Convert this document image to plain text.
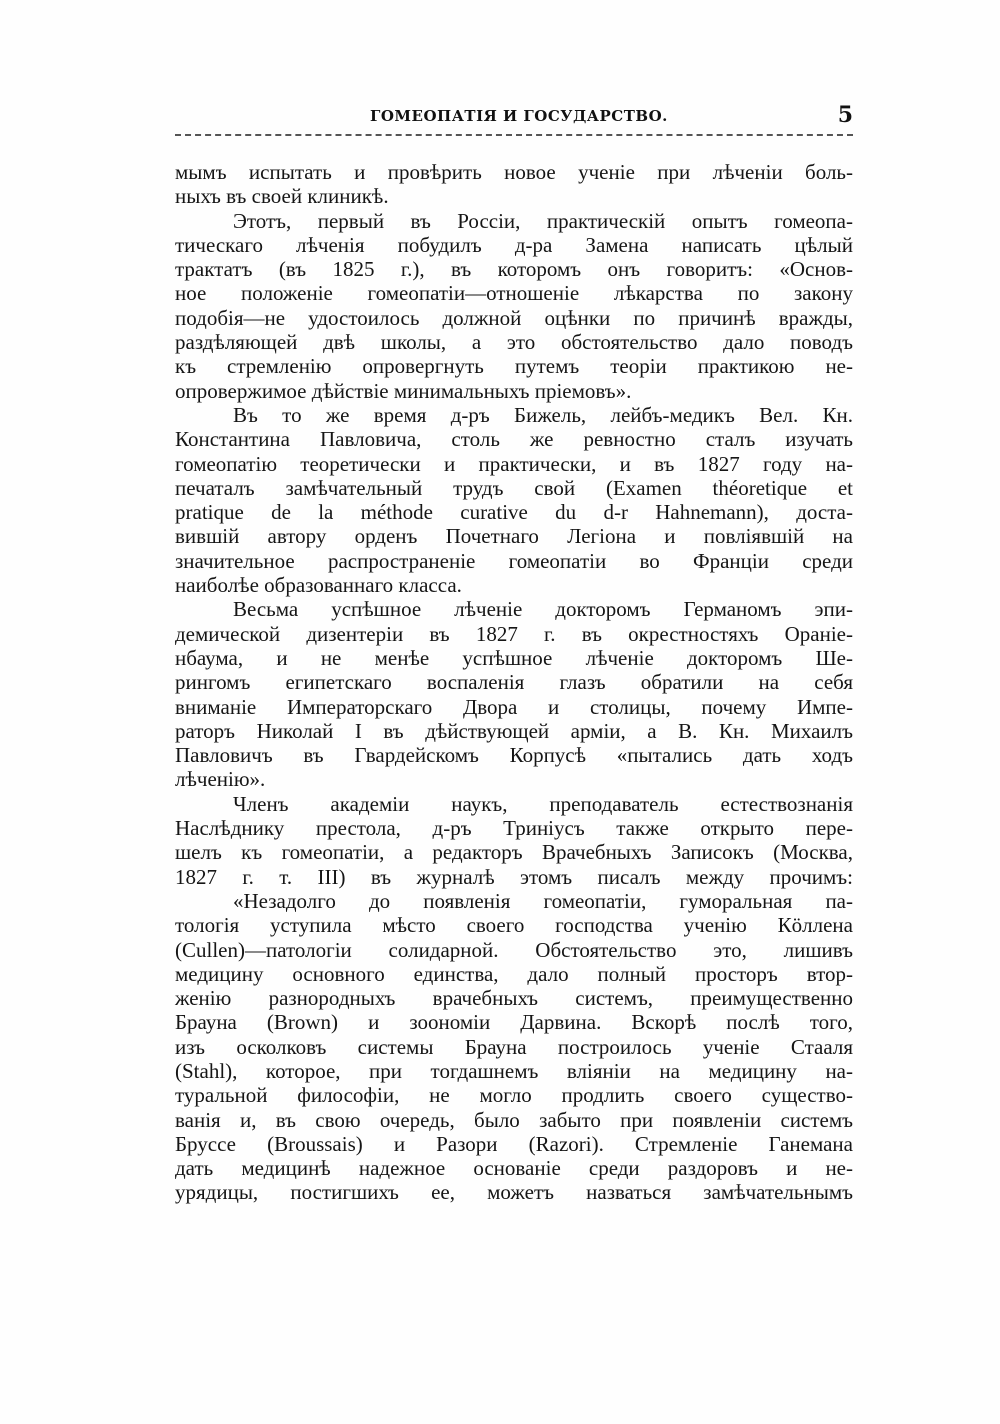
ГОМЕОПАТІЯ И ГОСУДАРСТВО.	5
мымъ испытать и провѣрить новое ученіе при лѣченіи боль-
ныхъ въ своей клиникѣ.
Этотъ, первый въ Россіи, практическій опытъ гомеопа-
тическаго лѣченія побудилъ д-ра Замена написать цѣлый
трактатъ (въ 1825 г.), въ которомъ онъ говоритъ: «Основ-
ное положеніе гомеопатіи—отношеніе лѣкарства по закону
подобія—не удостоилось должной оцѣнки по причинѣ вражды,
раздѣляющей двѣ школы, а это обстоятельство дало поводъ
къ стремленію опровергнуть путемъ теоріи практикою не-
опровержимое дѣйствіе минимальныхъ пріемовъ».
Въ то же время д-ръ Бижель, лейбъ-медикъ Вел. Кн.
Константина Павловича, столь же ревностно сталъ изучать
гомеопатію теоретически и практически, и въ 1827 году на-
печаталъ замѣчательный трудъ свой (Examen théoretique et
pratique de la méthode curative du d-r Hahnemann), доста-
вившій автору орденъ Почетнаго Легіона и повліявшій на
значительное распространеніе гомеопатіи во Франціи среди
наиболѣе образованнаго класса.
Весьма успѣшное лѣченіе докторомъ Германомъ эпи-
демической дизентеріи въ 1827 г. въ окрестностяхъ Ораніе-
нбаума, и не менѣе успѣшное лѣченіе докторомъ Ше-
рингомъ египетскаго воспаленія глазъ обратили на себя
вниманіе Императорскаго Двора и столицы, почему Импе-
раторъ Николай I въ дѣйствующей арміи, а В. Кн. Михаилъ
Павловичъ въ Гвардейскомъ Корпусѣ «пытались дать ходъ
лѣченію».
Членъ академіи наукъ, преподаватель естествознанія
Наслѣднику престола, д-ръ Триніусъ также открыто пере-
шелъ къ гомеопатіи, а редакторъ Врачебныхъ Записокъ (Москва,
1827 г. т. III) въ журналѣ этомъ писалъ между прочимъ:
«Незадолго до появленія гомеопатіи, гуморальная па-
тологія уступила мѣсто своего господства ученію Кöллена
(Cullen)—патологіи солидарной. Обстоятельство это, лишивъ
медицину основного единства, дало полный просторъ втор-
женію разнородныхъ врачебныхъ системъ, преимущественно
Брауна (Brown) и зоономіи Дарвина. Вскорѣ послѣ того,
изъ осколковъ системы Брауна построилось ученіе Стааля
(Stahl), которое, при тогдашнемъ вліяніи на медицину на-
туральной философіи, не могло продлить своего существо-
ванія и, въ свою очередь, было забыто при появленіи системъ
Бруссе (Broussais) и Разори (Razori). Стремленіе Ганемана
дать медицинѣ надежное основаніе среди раздоровъ и не-
урядицы, постигшихъ ее, можетъ назваться замѣчательнымъ
